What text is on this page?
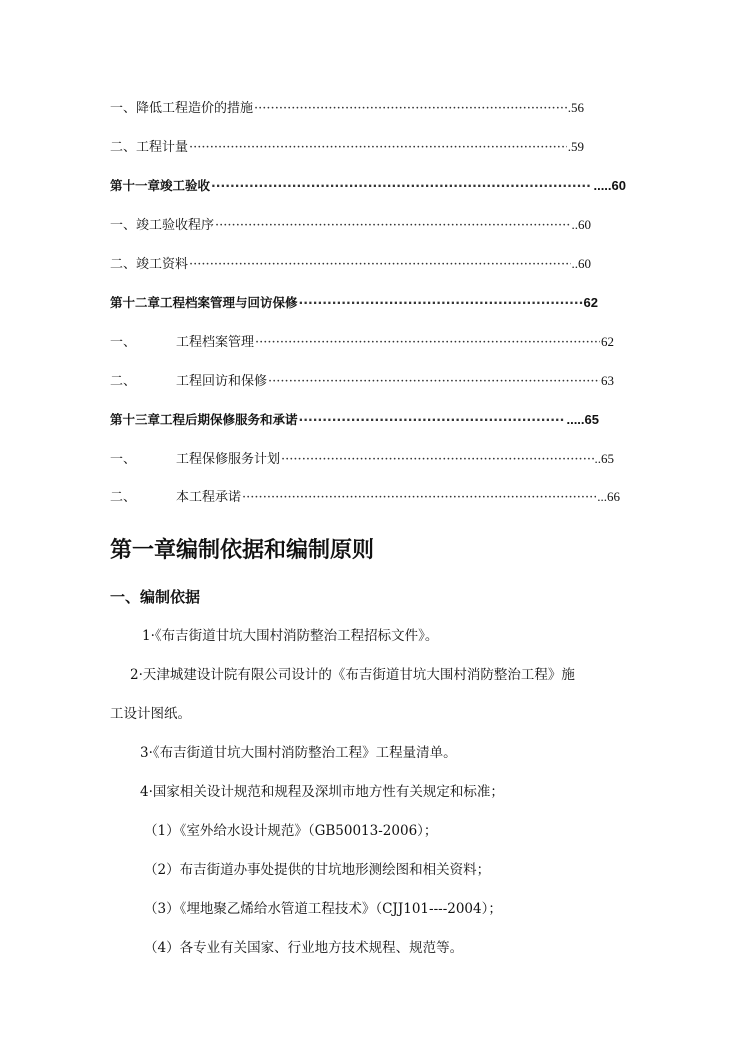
一、降低工程造价的措施 ·····	.56
二、工程计量 ·····	.59
第十一章竣工验收 ·····	.....60
一、竣工验收程序 ·····	..60
二、竣工资料 ·····	..60
第十二章工程档案管理与回访保修 ·····	62
一、	工程档案管理 ·····	62
二、	工程回访和保修 ·····	63
第十三章工程后期保修服务和承诺 ·····	.....65
一、	工程保修服务计划 ·····	..65
二、	本工程承诺 ·····	...66
第一章编制依据和编制原则
一、编制依据
1·《布吉街道甘坑大围村消防整治工程招标文件》。
2·天津城建设计院有限公司设计的《布吉街道甘坑大围村消防整治工程》施
工设计图纸。
3·《布吉街道甘坑大围村消防整治工程》工程量清单。
4·国家相关设计规范和规程及深圳市地方性有关规定和标准；
（1）《室外给水设计规范》（GB50013-2006）；
（2）布吉街道办事处提供的甘坑地形测绘图和相关资料；
（3）《埋地聚乙烯给水管道工程技术》（CJJ101----2004）；
（4）各专业有关国家、行业地方技术规程、规范等。
